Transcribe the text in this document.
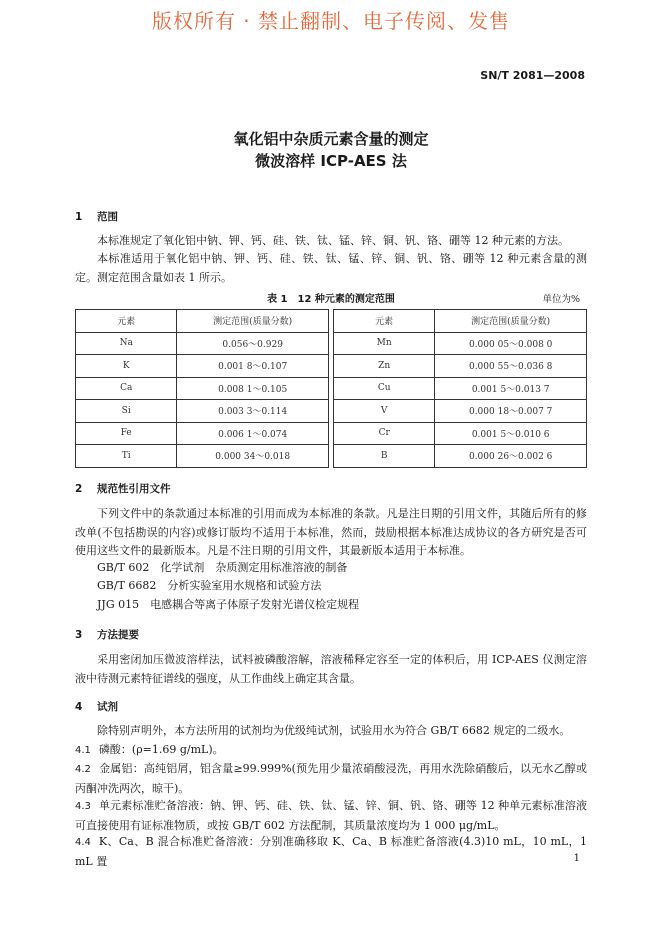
版权所有 · 禁止翻制、电子传阅、发售
SN/T 2081—2008
氧化铝中杂质元素含量的测定
微波溶样 ICP-AES 法
1 范围

本标准规定了氧化铝中钠、钾、钙、硅、铁、钛、锰、锌、铜、钒、铬、硼等 12 种元素的方法。

本标准适用于氧化铝中钠、钾、钙、硅、铁、钛、锰、锌、铜、钒、铬、硼等 12 种元素含量的测定。测定范围含量如表 1 所示。

表 1　12 种元素的测定范围	单位为%
元素	测定范围(质量分数)		元素	测定范围(质量分数)
Na	0.056～0.929		Mn	0.000 05～0.008 0
K	0.001 8～0.107		Zn	0.000 55～0.036 8
Ca	0.008 1～0.105		Cu	0.001 5～0.013 7
Si	0.003 3～0.114		V	0.000 18～0.007 7
Fe	0.006 1～0.074		Cr	0.001 5～0.010 6
Ti	0.000 34～0.018		B	0.000 26～0.002 6
2 规范性引用文件

下列文件中的条款通过本标准的引用而成为本标准的条款。凡是注日期的引用文件，其随后所有的修改单(不包括勘误的内容)或修订版均不适用于本标准，然而，鼓励根据本标准达成协议的各方研究是否可使用这些文件的最新版本。凡是不注日期的引用文件，其最新版本适用于本标准。

GB/T 602　化学试剂　杂质测定用标准溶液的制备
GB/T 6682　分析实验室用水规格和试验方法
JJG 015　电感耦合等离子体原子发射光谱仪检定规程
3 方法提要

采用密闭加压微波溶样法，试料被磷酸溶解，溶液稀释定容至一定的体积后，用 ICP-AES 仪测定溶液中待测元素特征谱线的强度，从工作曲线上确定其含量。

4 试剂

除特别声明外，本方法所用的试剂均为优级纯试剂，试验用水为符合 GB/T 6682 规定的二级水。

4.1 磷酸：(ρ=1.69 g/mL)。

4.2 金属铝：高纯铝屑，铝含量≥99.999%(预先用少量浓硝酸浸洗，再用水洗除硝酸后，以无水乙醇或丙酮冲洗两次，晾干)。

4.3 单元素标准贮备溶液：钠、钾、钙、硅、铁、钛、锰、锌、铜、钒、铬、硼等 12 种单元素标准溶液可直接使用有证标准物质，或按 GB/T 602 方法配制，其质量浓度均为 1 000 μg/mL。

4.4 K、Ca、B 混合标准贮备溶液：分别准确移取 K、Ca、B 标准贮备溶液(4.3)10 mL，10 mL，1 mL 置	1
